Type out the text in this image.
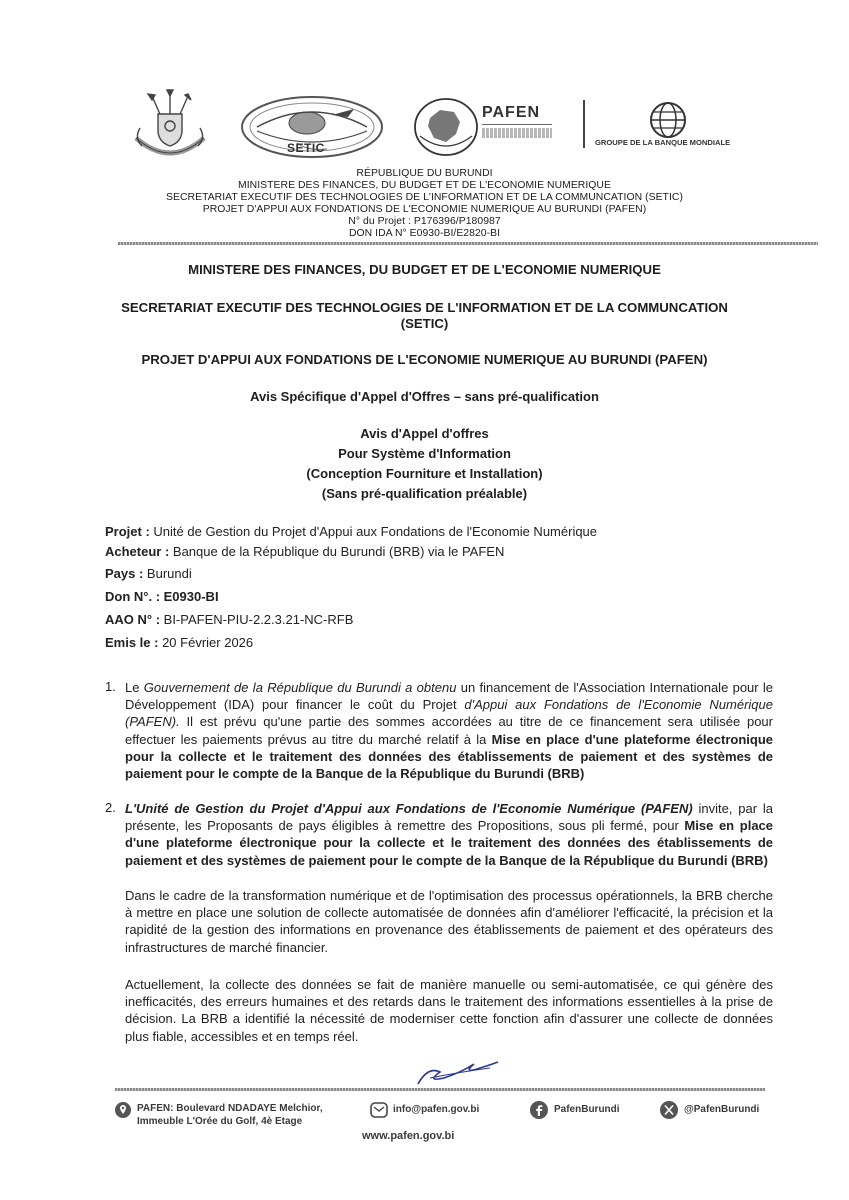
SETIC
PAFEN
GROUPE DE LA BANQUE MONDIALE
RÉPUBLIQUE DU BURUNDI
MINISTERE DES FINANCES, DU BUDGET ET DE L'ECONOMIE NUMERIQUE
SECRETARIAT EXECUTIF DES TECHNOLOGIES DE L'INFORMATION ET DE LA COMMUNCATION (SETIC)
PROJET D'APPUI AUX FONDATIONS DE L'ECONOMIE NUMERIQUE AU BURUNDI (PAFEN)
N° du Projet : P176396/P180987
DON IDA N° E0930-BI/E2820-BI
MINISTERE DES FINANCES, DU BUDGET ET DE L'ECONOMIE NUMERIQUE
SECRETARIAT EXECUTIF DES TECHNOLOGIES DE L'INFORMATION ET DE LA COMMUNCATION
(SETIC)
PROJET D'APPUI AUX FONDATIONS DE L'ECONOMIE NUMERIQUE AU BURUNDI (PAFEN)
Avis Spécifique d'Appel d'Offres – sans pré-qualification
Avis d'Appel d'offres
Pour Système d'Information
(Conception Fourniture et Installation)
(Sans pré-qualification préalable)
Projet : Unité de Gestion du Projet d'Appui aux Fondations de l'Economie Numérique
Acheteur : Banque de la République du Burundi (BRB) via le PAFEN
Pays : Burundi
Don N°. : E0930-BI
AAO N° : BI-PAFEN-PIU-2.2.3.21-NC-RFB
Emis le : 20 Février 2026
1. Le Gouvernement de la République du Burundi a obtenu un financement de l'Association Internationale pour le Développement (IDA) pour financer le coût du Projet d'Appui aux Fondations de l'Economie Numérique (PAFEN). Il est prévu qu'une partie des sommes accordées au titre de ce financement sera utilisée pour effectuer les paiements prévus au titre du marché relatif à la Mise en place d'une plateforme électronique pour la collecte et le traitement des données des établissements de paiement et des systèmes de paiement pour le compte de la Banque de la République du Burundi (BRB)
2. L'Unité de Gestion du Projet d'Appui aux Fondations de l'Economie Numérique (PAFEN) invite, par la présente, les Proposants de pays éligibles à remettre des Propositions, sous pli fermé, pour Mise en place d'une plateforme électronique pour la collecte et le traitement des données des établissements de paiement et des systèmes de paiement pour le compte de la Banque de la République du Burundi (BRB)
Dans le cadre de la transformation numérique et de l'optimisation des processus opérationnels, la BRB cherche à mettre en place une solution de collecte automatisée de données afin d'améliorer l'efficacité, la précision et la rapidité de la gestion des informations en provenance des établissements de paiement et des opérateurs des infrastructures de marché financier.
Actuellement, la collecte des données se fait de manière manuelle ou semi-automatisée, ce qui génère des inefficacités, des erreurs humaines et des retards dans le traitement des informations essentielles à la prise de décision. La BRB a identifié la nécessité de moderniser cette fonction afin d'assurer une collecte de données plus fiable, accessibles et en temps réel.
PAFEN: Boulevard NDADAYE Melchior,
Immeuble L'Orée du Golf, 4è Etage
info@pafen.gov.bi	PafenBurundi	@PafenBurundi
www.pafen.gov.bi
